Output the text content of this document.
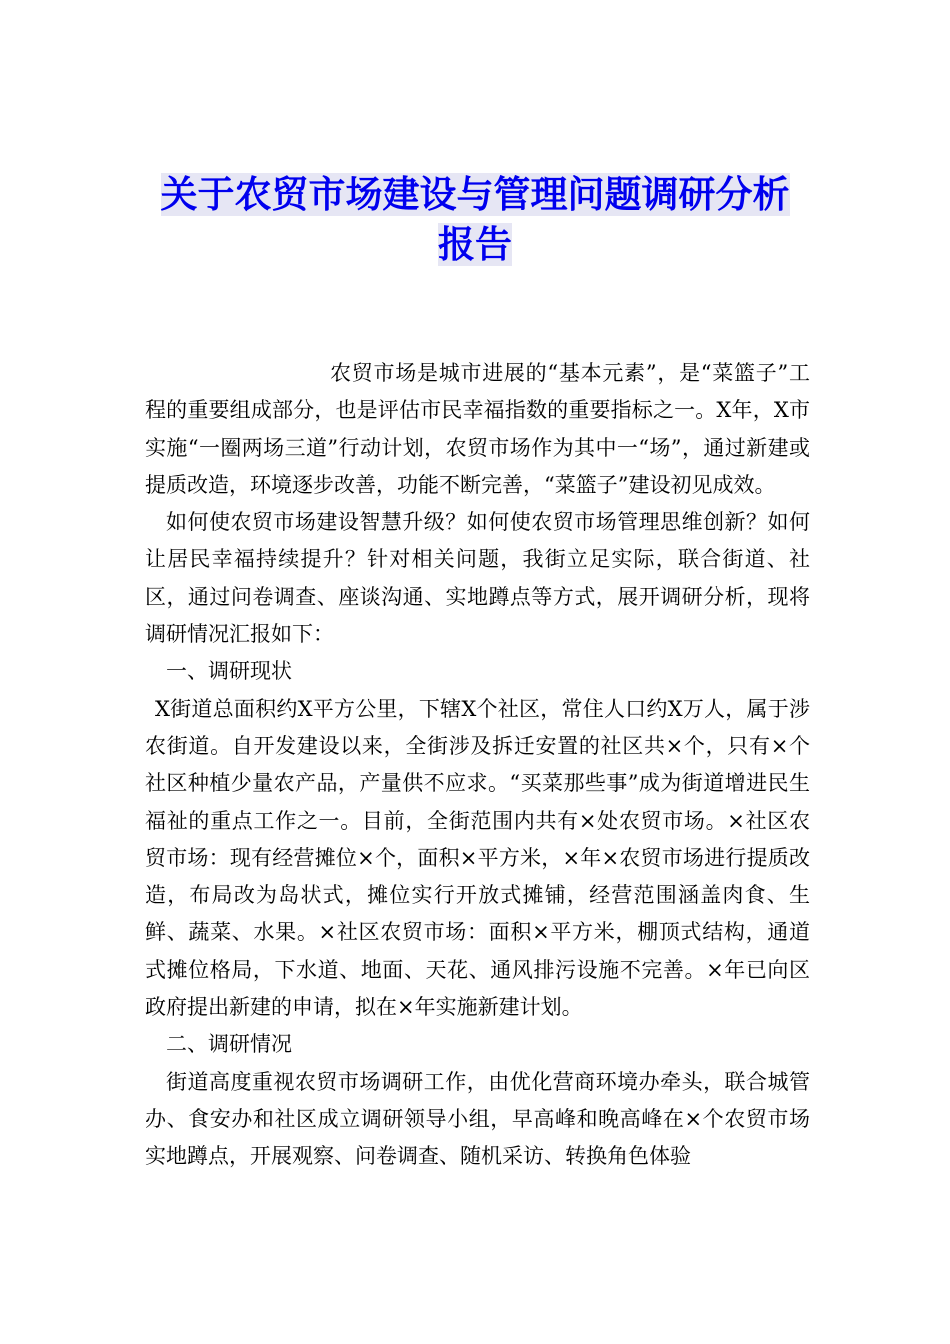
关于农贸市场建设与管理问题调研分析
报告

农贸市场是城市进展的“基本元素”，是“菜篮子”工程的重要组成部分，也是评估市民幸福指数的重要指标之一。X年，X市实施“一圈两场三道”行动计划，农贸市场作为其中一“场”，通过新建或提质改造，环境逐步改善，功能不断完善，“菜篮子”建设初见成效。

如何使农贸市场建设智慧升级？如何使农贸市场管理思维创新？如何让居民幸福持续提升？针对相关问题，我街立足实际，联合街道、社区，通过问卷调查、座谈沟通、实地蹲点等方式，展开调研分析，现将调研情况汇报如下：

一、调研现状

X街道总面积约X平方公里，下辖X个社区，常住人口约X万人，属于涉农街道。自开发建设以来，全街涉及拆迁安置的社区共×个，只有×个社区种植少量农产品，产量供不应求。“买菜那些事”成为街道增进民生福祉的重点工作之一。目前，全街范围内共有×处农贸市场。×社区农贸市场：现有经营摊位×个，面积×平方米，×年×农贸市场进行提质改造，布局改为岛状式，摊位实行开放式摊铺，经营范围涵盖肉食、生鲜、蔬菜、水果。×社区农贸市场：面积×平方米，棚顶式结构，通道式摊位格局，下水道、地面、天花、通风排污设施不完善。×年已向区政府提出新建的申请，拟在×年实施新建计划。

二、调研情况

街道高度重视农贸市场调研工作，由优化营商环境办牵头，联合城管办、食安办和社区成立调研领导小组，早高峰和晚高峰在×个农贸市场实地蹲点，开展观察、问卷调查、随机采访、转换角色体验
